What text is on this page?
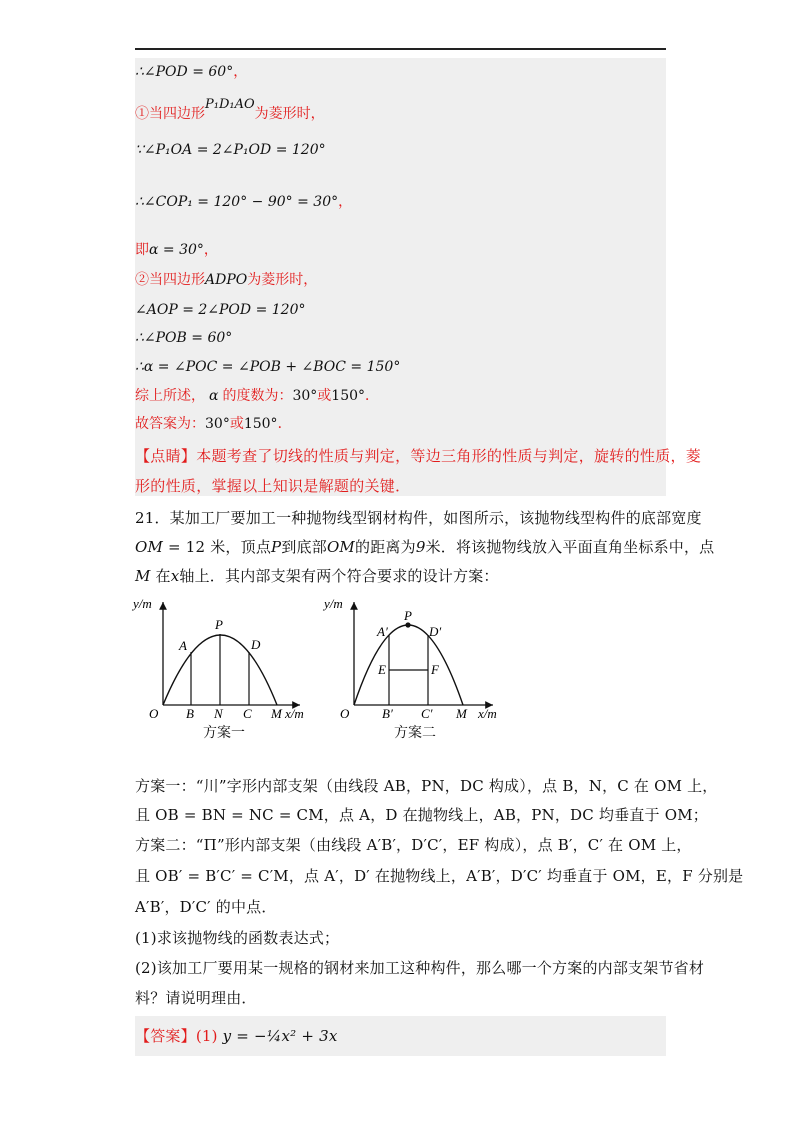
∴∠POD = 60°，
①当四边形P₁D₁AO为菱形时，
∵∠P₁OA = 2∠P₁OD = 120°
∴∠COP₁ = 120° − 90° = 30°，
即α = 30°，
②当四边形ADPO为菱形时，
∠AOP = 2∠POD = 120°
∴∠POB = 60°
∴α = ∠POC = ∠POB + ∠BOC = 150°
综上所述， α 的度数为：30°或150°．
故答案为：30°或150°．
【点睛】本题考查了切线的性质与判定，等边三角形的性质与判定，旋转的性质，菱
形的性质，掌握以上知识是解题的关键．
21．某加工厂要加工一种抛物线型钢材构件，如图所示，该抛物线型构件的底部宽度
OM = 12 米，顶点P到底部OM的距离为9米．将该抛物线放入平面直角坐标系中，点
M 在x轴上．其内部支架有两个符合要求的设计方案：
y/m
x/m
O B N C M
A
P
D
方案一
y/m
x/m
O	B′ C′ M
A′
P
D′
E	F
方案二
方案一：“川”字形内部支架（由线段 AB，PN，DC 构成），点 B，N，C 在 OM 上，
且 OB = BN = NC = CM，点 A，D 在抛物线上，AB，PN，DC 均垂直于 OM；
方案二：“Π”形内部支架（由线段 A′B′，D′C′，EF 构成），点 B′，C′ 在 OM 上，
且 OB′ = B′C′ = C′M，点 A′，D′ 在抛物线上，A′B′，D′C′ 均垂直于 OM，E，F 分别是
A′B′，D′C′ 的中点．
(1)求该抛物线的函数表达式；
(2)该加工厂要用某一规格的钢材来加工这种构件，那么哪一个方案的内部支架节省材
料？请说明理由．
【答案】(1) y = −¼x² + 3x
